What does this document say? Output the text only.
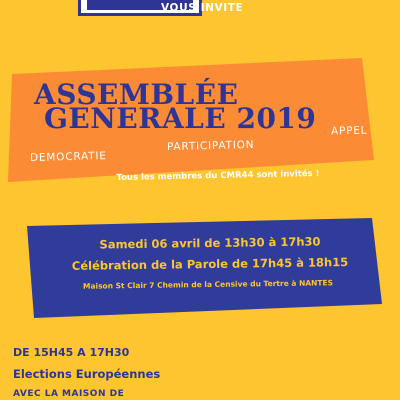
VOUS INVITE
ASSEMBLÉE
GENERALE 2019
DEMOCRATIE
PARTICIPATION
APPEL
Tous les membres du CMR44 sont invités !
Samedi 06 avril de 13h30 à 17h30
Célébration de la Parole de 17h45 à 18h15
Maison St Clair 7 Chemin de la Censive du Tertre à NANTES
DE 15H45 A 17H30
Elections Européennes
AVEC LA MAISON DE
